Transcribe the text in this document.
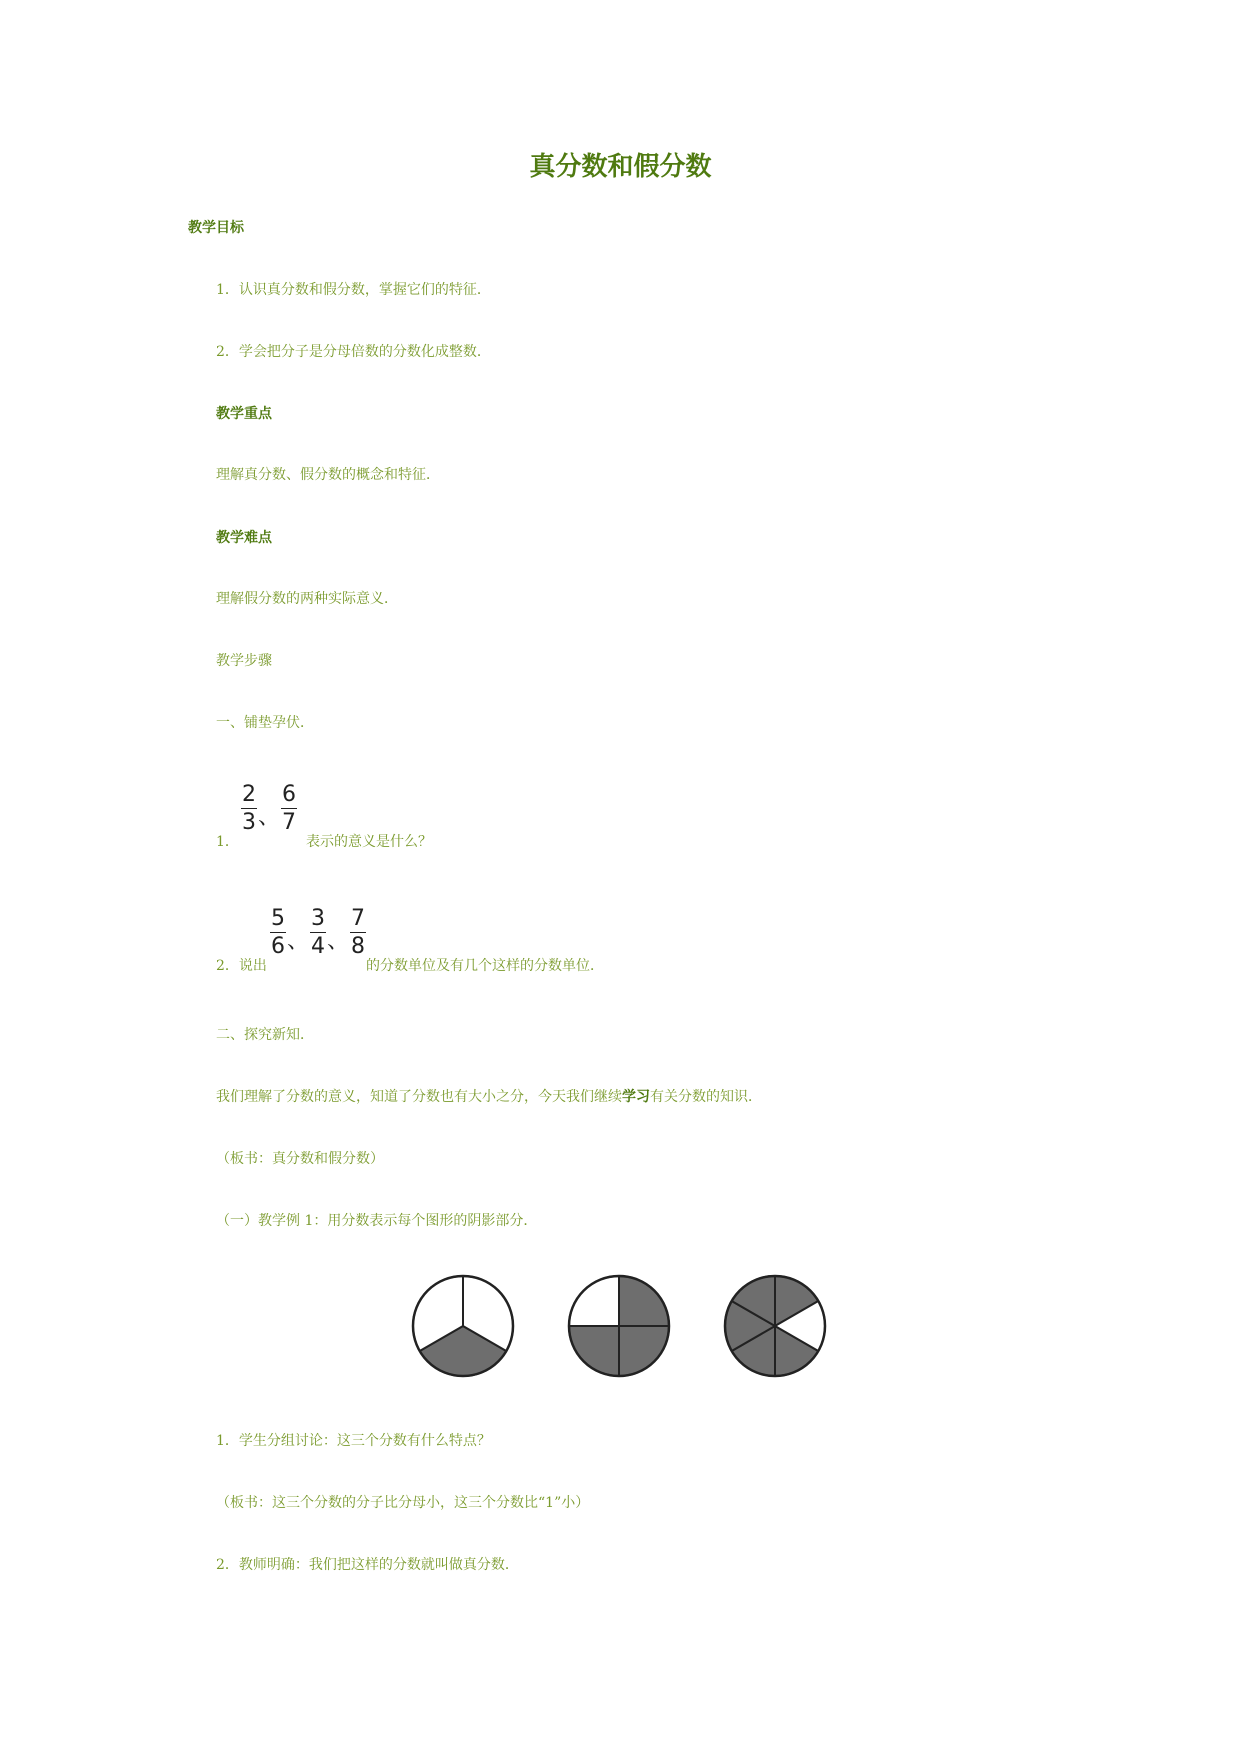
真分数和假分数
教学目标
1．认识真分数和假分数，掌握它们的特征．
2．学会把分子是分母倍数的分数化成整数．
教学重点
理解真分数、假分数的概念和特征．
教学难点
理解假分数的两种实际意义．
教学步骤
一、铺垫孕伏．
1．
$\frac{2}{3}$ 、 $\frac{6}{7}$
表示的意义是什么？
2．说出
$\frac{5}{6}$ 、 $\frac{3}{4}$ 、 $\frac{7}{8}$
的分数单位及有几个这样的分数单位．
二、探究新知．
我们理解了分数的意义，知道了分数也有大小之分，今天我们继续学习有关分数的知识．
（板书：真分数和假分数）
（一）教学例 1：用分数表示每个图形的阴影部分．
1．学生分组讨论：这三个分数有什么特点？
（板书：这三个分数的分子比分母小，这三个分数比“1”小）
2．教师明确：我们把这样的分数就叫做真分数．
